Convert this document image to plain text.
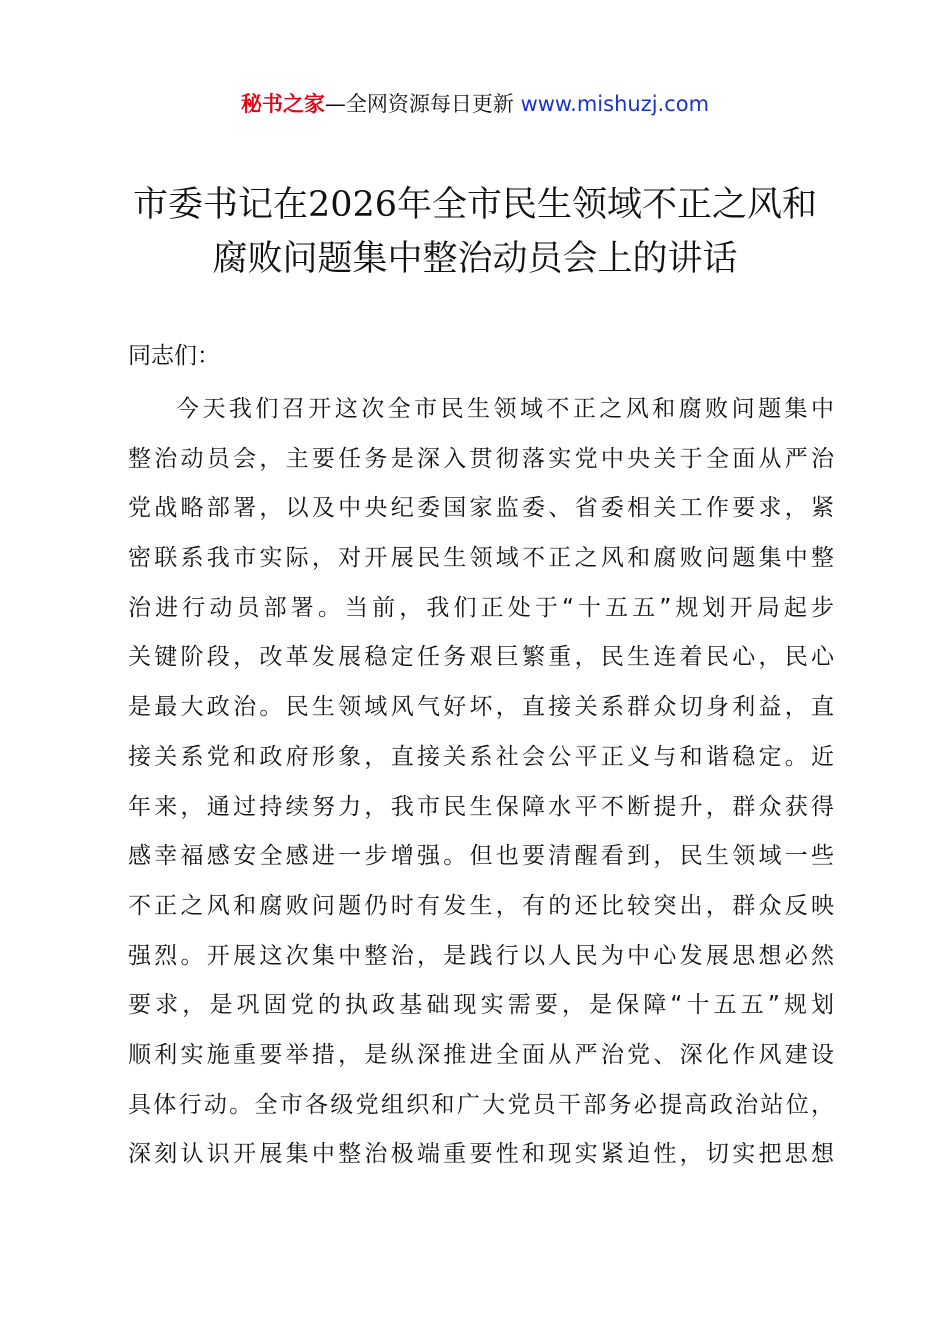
秘书之家—全网资源每日更新 www.mishuzj.com
市委书记在2026年全市民生领域不正之风和
腐败问题集中整治动员会上的讲话
同志们：
今天我们召开这次全市民生领域不正之风和腐败问题集中
整治动员会，主要任务是深入贯彻落实党中央关于全面从严治
党战略部署，以及中央纪委国家监委、省委相关工作要求，紧
密联系我市实际，对开展民生领域不正之风和腐败问题集中整
治进行动员部署。当前，我们正处于“十五五”规划开局起步
关键阶段，改革发展稳定任务艰巨繁重，民生连着民心，民心
是最大政治。民生领域风气好坏，直接关系群众切身利益，直
接关系党和政府形象，直接关系社会公平正义与和谐稳定。近
年来，通过持续努力，我市民生保障水平不断提升，群众获得
感幸福感安全感进一步增强。但也要清醒看到，民生领域一些
不正之风和腐败问题仍时有发生，有的还比较突出，群众反映
强烈。开展这次集中整治，是践行以人民为中心发展思想必然
要求，是巩固党的执政基础现实需要，是保障“十五五”规划
顺利实施重要举措，是纵深推进全面从严治党、深化作风建设
具体行动。全市各级党组织和广大党员干部务必提高政治站位，
深刻认识开展集中整治极端重要性和现实紧迫性，切实把思想
